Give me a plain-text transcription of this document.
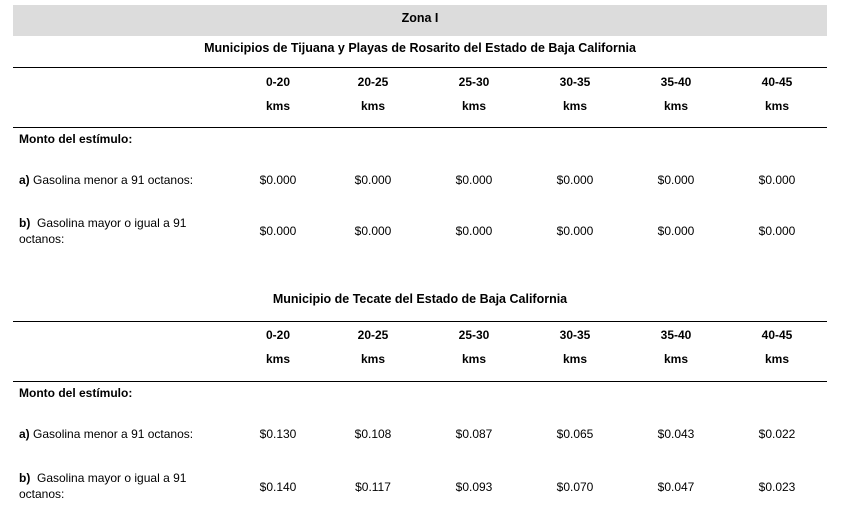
Zona I
Municipios de Tijuana y Playas de Rosarito del Estado de Baja California
0-20	20-25	25-30	30-35	35-40	40-45
kms	kms	kms	kms	kms	kms
Monto del estímulo:
a) Gasolina menor a 91 octanos:	$0.000	$0.000	$0.000	$0.000	$0.000	$0.000
b) Gasolina mayor o igual a 91
octanos:
$0.000	$0.000	$0.000	$0.000	$0.000	$0.000
Municipio de Tecate del Estado de Baja California
0-20	20-25	25-30	30-35	35-40	40-45
kms	kms	kms	kms	kms	kms
Monto del estímulo:
a) Gasolina menor a 91 octanos:	$0.130	$0.108	$0.087	$0.065	$0.043	$0.022
b) Gasolina mayor o igual a 91
octanos:	$0.140	$0.117	$0.093	$0.070	$0.047	$0.023
